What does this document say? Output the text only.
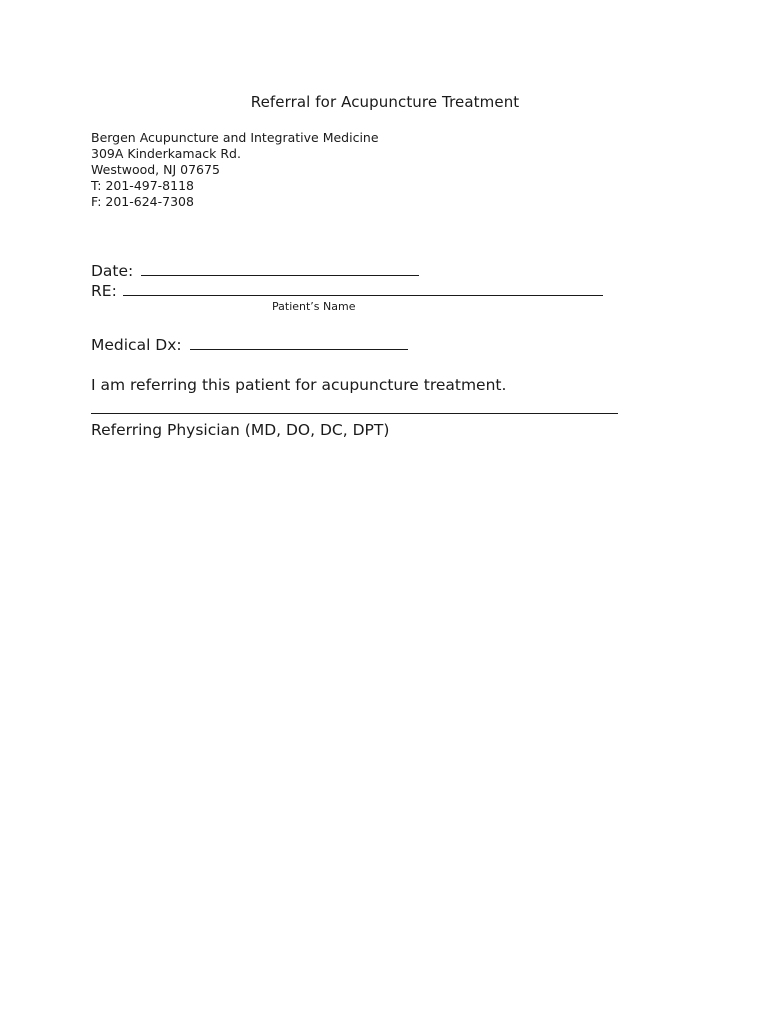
Referral for Acupuncture Treatment
Bergen Acupuncture and Integrative Medicine
309A Kinderkamack Rd.
Westwood, NJ 07675
T: 201-497-8118
F: 201-624-7308
Date:
RE:
Patient’s Name
Medical Dx:
I am referring this patient for acupuncture treatment.
Referring Physician (MD, DO, DC, DPT)
